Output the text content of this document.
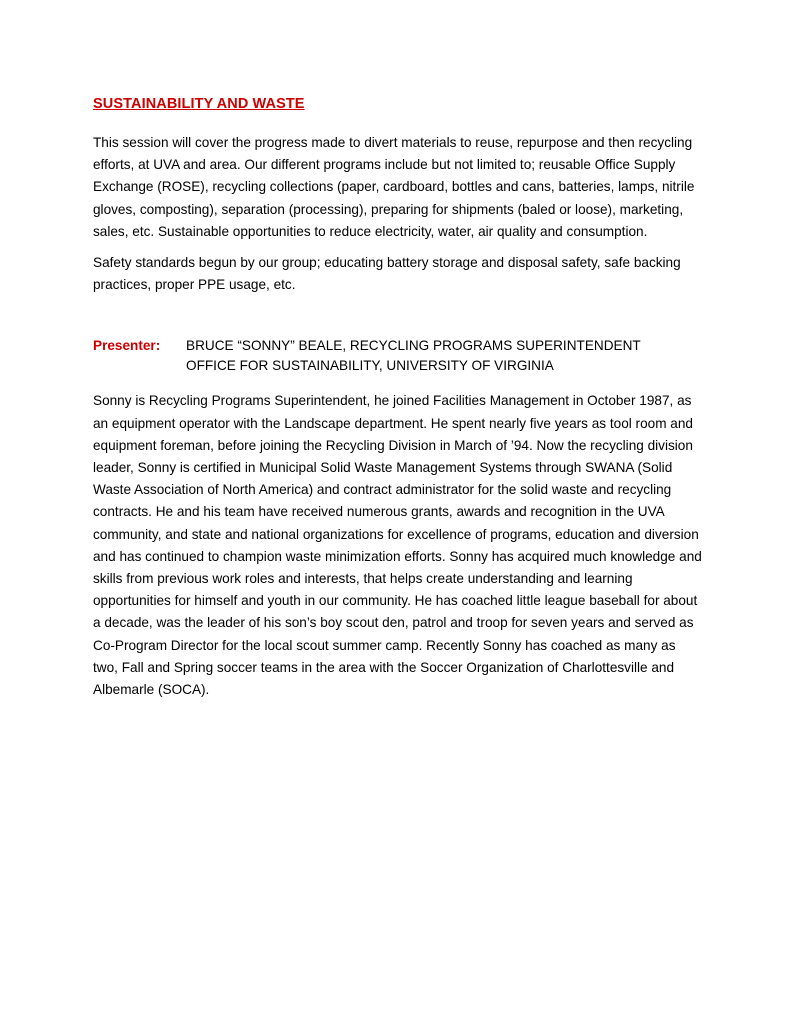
SUSTAINABILITY AND WASTE

This session will cover the progress made to divert materials to reuse, repurpose and then recycling efforts, at UVA and area. Our different programs include but not limited to; reusable Office Supply Exchange (ROSE), recycling collections (paper, cardboard, bottles and cans, batteries, lamps, nitrile gloves, composting), separation (processing), preparing for shipments (baled or loose), marketing, sales, etc. Sustainable opportunities to reduce electricity, water, air quality and consumption.

Safety standards begun by our group; educating battery storage and disposal safety, safe backing practices, proper PPE usage, etc.

Presenter:	BRUCE “SONNY” BEALE, RECYCLING PROGRAMS SUPERINTENDENT
OFFICE FOR SUSTAINABILITY, UNIVERSITY OF VIRGINIA

Sonny is Recycling Programs Superintendent, he joined Facilities Management in October 1987, as an equipment operator with the Landscape department. He spent nearly five years as tool room and equipment foreman, before joining the Recycling Division in March of ’94. Now the recycling division leader, Sonny is certified in Municipal Solid Waste Management Systems through SWANA (Solid Waste Association of North America) and contract administrator for the solid waste and recycling contracts. He and his team have received numerous grants, awards and recognition in the UVA community, and state and national organizations for excellence of programs, education and diversion and has continued to champion waste minimization efforts. Sonny has acquired much knowledge and skills from previous work roles and interests, that helps create understanding and learning opportunities for himself and youth in our community. He has coached little league baseball for about a decade, was the leader of his son’s boy scout den, patrol and troop for seven years and served as Co-Program Director for the local scout summer camp. Recently Sonny has coached as many as two, Fall and Spring soccer teams in the area with the Soccer Organization of Charlottesville and Albemarle (SOCA).
